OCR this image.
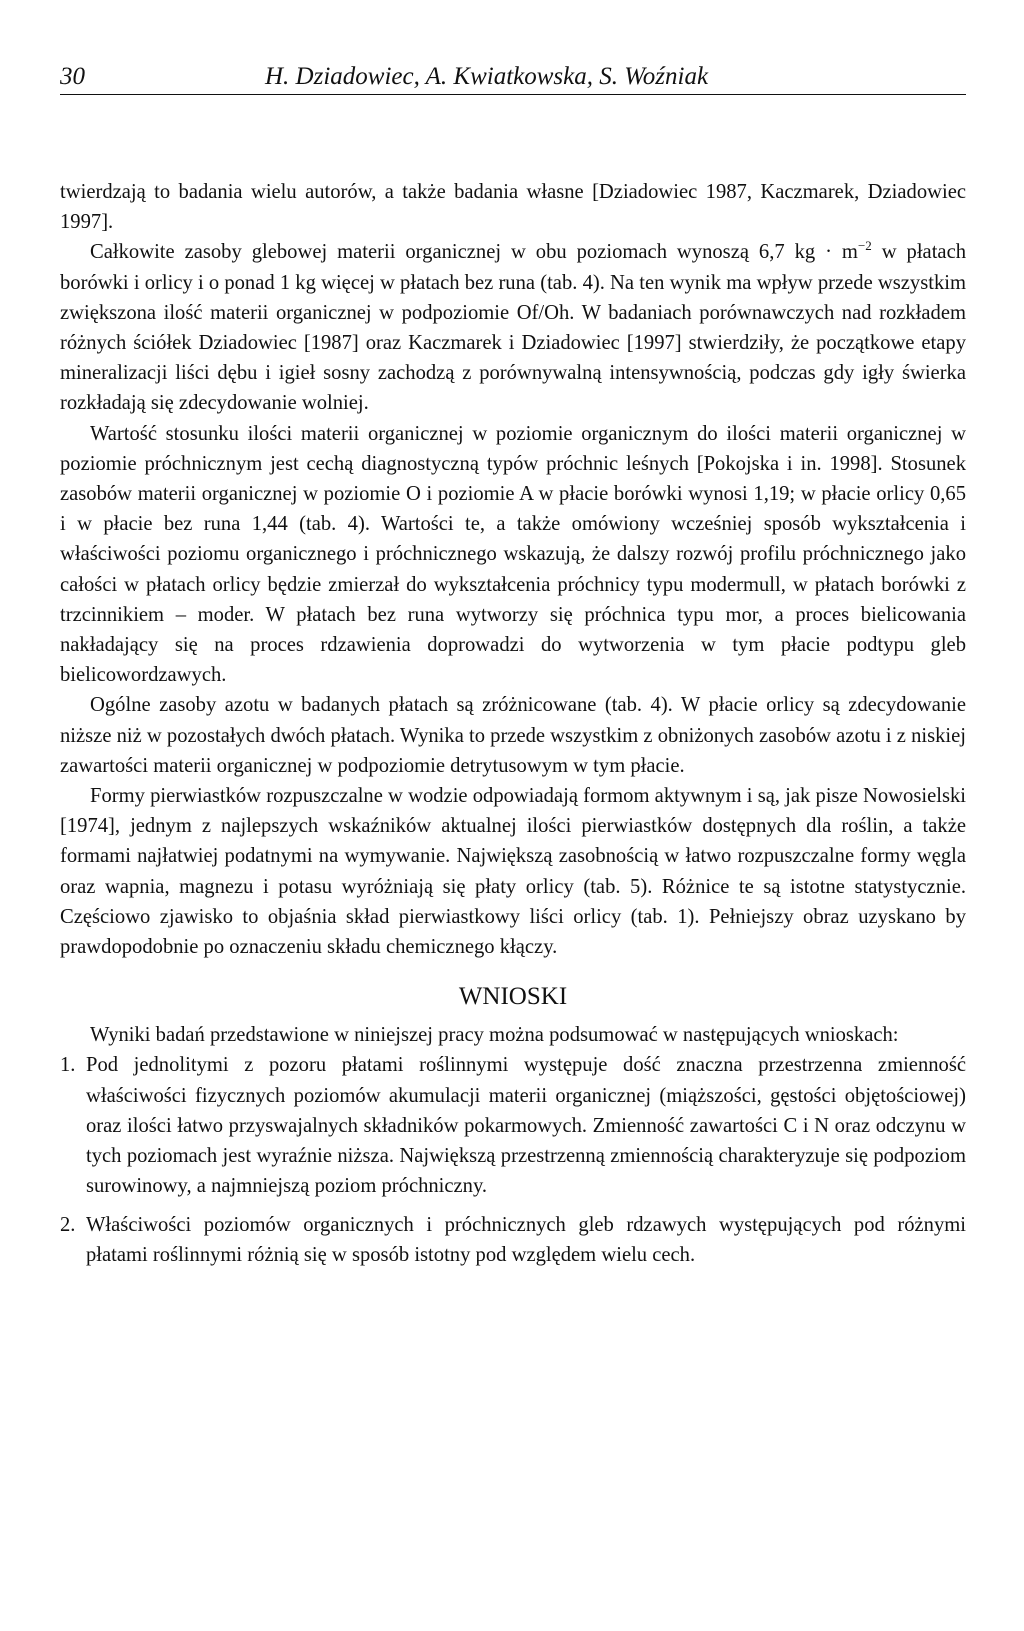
30	H. Dziadowiec, A. Kwiatkowska, S. Woźniak

twierdzają to badania wielu autorów, a także badania własne [Dziadowiec 1987, Kaczmarek, Dziadowiec 1997].

Całkowite zasoby glebowej materii organicznej w obu poziomach wynoszą 6,7 kg · $m^{-2}$ w płatach borówki i orlicy i o ponad 1 kg więcej w płatach bez runa (tab. 4). Na ten wynik ma wpływ przede wszystkim zwiększona ilość materii organicznej w podpoziomie Of/Oh. W badaniach porównawczych nad rozkładem różnych ściółek Dziadowiec [1987] oraz Kaczmarek i Dziadowiec [1997] stwierdziły, że początkowe etapy mineralizacji liści dębu i igieł sosny zachodzą z porównywalną intensywnością, podczas gdy igły świerka rozkładają się zdecydowanie wolniej.

Wartość stosunku ilości materii organicznej w poziomie organicznym do ilości materii organicznej w poziomie próchnicznym jest cechą diagnostyczną typów próchnic leśnych [Pokojska i in. 1998]. Stosunek zasobów materii organicznej w poziomie O i poziomie A w płacie borówki wynosi 1,19; w płacie orlicy 0,65 i w płacie bez runa 1,44 (tab. 4). Wartości te, a także omówiony wcześniej sposób wykształcenia i właściwości poziomu organicznego i próchnicznego wskazują, że dalszy rozwój profilu próchnicznego jako całości w płatach orlicy będzie zmierzał do wykształcenia próchnicy typu modermull, w płatach borówki z trzcinnikiem – moder. W płatach bez runa wytworzy się próchnica typu mor, a proces bielicowania nakładający się na proces rdzawienia doprowadzi do wytworzenia w tym płacie podtypu gleb bielicowordzawych.

Ogólne zasoby azotu w badanych płatach są zróżnicowane (tab. 4). W płacie orlicy są zdecydowanie niższe niż w pozostałych dwóch płatach. Wynika to przede wszystkim z obniżonych zasobów azotu i z niskiej zawartości materii organicznej w podpoziomie detrytusowym w tym płacie.

Formy pierwiastków rozpuszczalne w wodzie odpowiadają formom aktywnym i są, jak pisze Nowosielski [1974], jednym z najlepszych wskaźników aktualnej ilości pierwiastków dostępnych dla roślin, a także formami najłatwiej podatnymi na wymywanie. Największą zasobnością w łatwo rozpuszczalne formy węgla oraz wapnia, magnezu i potasu wyróżniają się płaty orlicy (tab. 5). Różnice te są istotne statystycznie. Częściowo zjawisko to objaśnia skład pierwiastkowy liści orlicy (tab. 1). Pełniejszy obraz uzyskano by prawdopodobnie po oznaczeniu składu chemicznego kłączy.

WNIOSKI

Wyniki badań przedstawione w niniejszej pracy można podsumować w następujących wnioskach:

1. Pod jednolitymi z pozoru płatami roślinnymi występuje dość znaczna przestrzenna zmienność właściwości fizycznych poziomów akumulacji materii organicznej (miąższości, gęstości objętościowej) oraz ilości łatwo przyswajalnych składników pokarmowych. Zmienność zawartości C i N oraz odczynu w tych poziomach jest wyraźnie niższa. Największą przestrzenną zmiennością charakteryzuje się podpoziom surowinowy, a najmniejszą poziom próchniczny.
2. Właściwości poziomów organicznych i próchnicznych gleb rdzawych występujących pod różnymi płatami roślinnymi różnią się w sposób istotny pod względem wielu cech.
